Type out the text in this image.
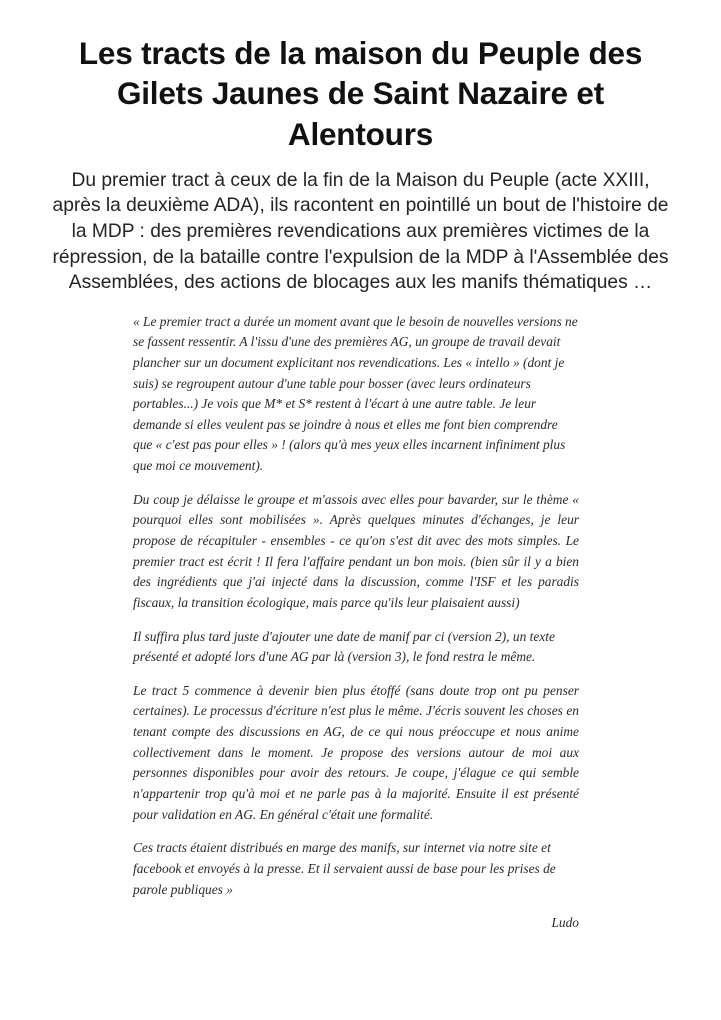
Les tracts de la maison du Peuple des Gilets Jaunes de Saint Nazaire et Alentours

Du premier tract à ceux de la fin de la Maison du Peuple (acte XXIII, après la deuxième ADA), ils racontent en pointillé un bout de l'histoire de la MDP : des premières revendications aux premières victimes de la répression, de la bataille contre l'expulsion de la MDP à l'Assemblée des Assemblées, des actions de blocages aux les manifs thématiques …

« Le premier tract a durée un moment avant que le besoin de nouvelles versions ne se fassent ressentir. A l'issu d'une des premières AG, un groupe de travail devait plancher sur un document explicitant nos revendications. Les « intello » (dont je suis) se regroupent autour d'une table pour bosser (avec leurs ordinateurs portables...) Je vois que M* et S* restent à l'écart à une autre table. Je leur demande si elles veulent pas se joindre à nous et elles me font bien comprendre que « c'est pas pour elles » ! (alors qu'à mes yeux elles incarnent infiniment plus que moi ce mouvement).

Du coup je délaisse le groupe et m'assois avec elles pour bavarder, sur le thème « pourquoi elles sont mobilisées ». Après quelques minutes d'échanges, je leur propose de récapituler - ensembles - ce qu'on s'est dit avec des mots simples. Le premier tract est écrit ! Il fera l'affaire pendant un bon mois. (bien sûr il y a bien des ingrédients que j'ai injecté dans la discussion, comme l'ISF et les paradis fiscaux, la transition écologique, mais parce qu'ils leur plaisaient aussi)

Il suffira plus tard juste d'ajouter une date de manif par ci (version 2), un texte présenté et adopté lors d'une AG par là (version 3), le fond restra le même.

Le tract 5 commence à devenir bien plus étoffé (sans doute trop ont pu penser certaines). Le processus d'écriture n'est plus le même. J'écris souvent les choses en tenant compte des discussions en AG, de ce qui nous préoccupe et nous anime collectivement dans le moment. Je propose des versions autour de moi aux personnes disponibles pour avoir des retours. Je coupe, j'élague ce qui semble n'appartenir trop qu'à moi et ne parle pas à la majorité. Ensuite il est présenté pour validation en AG. En général c'était une formalité.

Ces tracts étaient distribués en marge des manifs, sur internet via notre site et facebook et envoyés à la presse. Et il servaient aussi de base pour les prises de parole publiques »

Ludo
